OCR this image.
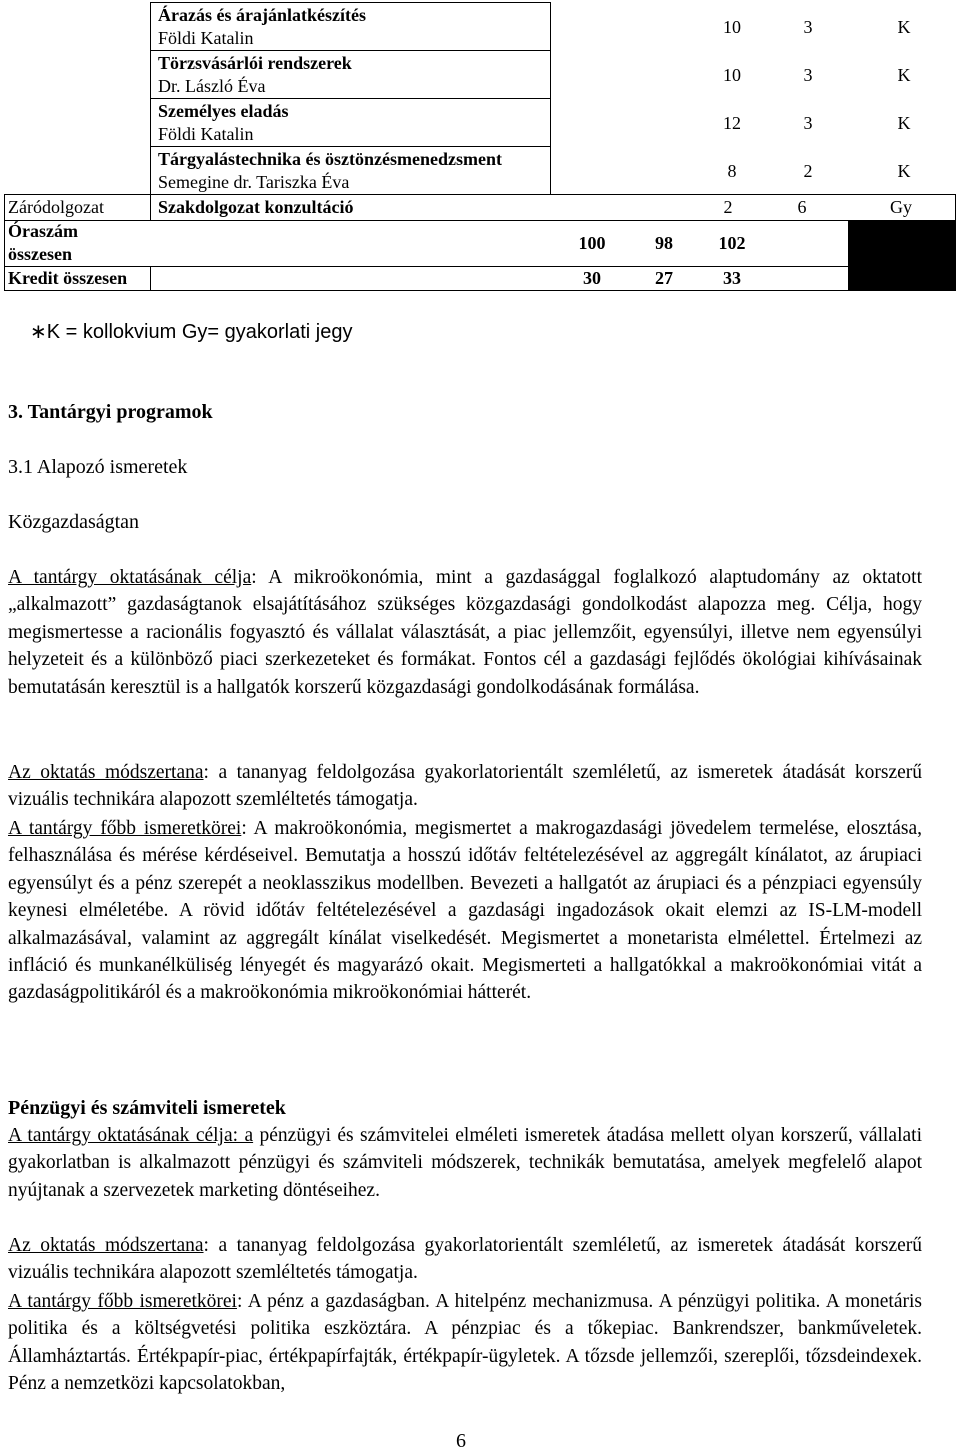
Árazás és árajánlatkészítés
Földi Katalin
10	3	K
Törzsvásárlói rendszerek
Dr. László Éva
10	3	K
Személyes eladás
Földi Katalin
12	3	K
Tárgyalástechnika és ösztönzésmenedzsment
Semegine dr. Tariszka Éva
8	2	K
Záródolgozat	Szakdolgozat konzultáció	2	6	Gy
Óraszám
összesen
100	98	102
Kredit összesen	30	27	33
∗K = kollokvium Gy= gyakorlati jegy
3. Tantárgyi programok
3.1 Alapozó ismeretek
Közgazdaságtan
A tantárgy oktatásának célja: A mikroökonómia, mint a gazdasággal foglalkozó alaptudomány az oktatott „alkalmazott” gazdaságtanok elsajátításához szükséges közgazdasági gondolkodást alapozza meg. Célja, hogy megismertesse a racionális fogyasztó és vállalat választását, a piac jellemzőit, egyensúlyi, illetve nem egyensúlyi helyzeteit és a különböző piaci szerkezeteket és formákat. Fontos cél a gazdasági fejlődés ökológiai kihívásainak bemutatásán keresztül is a hallgatók korszerű közgazdasági gondolkodásának formálása.
Az oktatás módszertana: a tananyag feldolgozása gyakorlatorientált szemléletű, az ismeretek átadását korszerű vizuális technikára alapozott szemléltetés támogatja.
A tantárgy főbb ismeretkörei: A makroökonómia, megismertet a makrogazdasági jövedelem termelése, elosztása, felhasználása és mérése kérdéseivel. Bemutatja a hosszú időtáv feltételezésével az aggregált kínálatot, az árupiaci egyensúlyt és a pénz szerepét a neoklasszikus modellben. Bevezeti a hallgatót az árupiaci és a pénzpiaci egyensúly keynesi elméletébe. A rövid időtáv feltételezésével a gazdasági ingadozások okait elemzi az IS-LM-modell alkalmazásával, valamint az aggregált kínálat viselkedését. Megismertet a monetarista elmélettel. Értelmezi az infláció és munkanélküliség lényegét és magyarázó okait. Megismerteti a hallgatókkal a makroökonómiai vitát a gazdaságpolitikáról és a makroökonómia mikroökonómiai hátterét.
Pénzügyi és számviteli ismeretek
A tantárgy oktatásának célja: a pénzügyi és számvitelei elméleti ismeretek átadása mellett olyan korszerű, vállalati gyakorlatban is alkalmazott pénzügyi és számviteli módszerek, technikák bemutatása, amelyek megfelelő alapot nyújtanak a szervezetek marketing döntéseihez.
Az oktatás módszertana: a tananyag feldolgozása gyakorlatorientált szemléletű, az ismeretek átadását korszerű vizuális technikára alapozott szemléltetés támogatja.
A tantárgy főbb ismeretkörei: A pénz a gazdaságban. A hitelpénz mechanizmusa. A pénzügyi politika. A monetáris politika és a költségvetési politika eszköztára. A pénzpiac és a tőkepiac. Bankrendszer, bankműveletek. Államháztartás. Értékpapír-piac, értékpapírfajták, értékpapír-ügyletek. A tőzsde jellemzői, szereplői, tőzsdeindexek. Pénz a nemzetközi kapcsolatokban,
6
